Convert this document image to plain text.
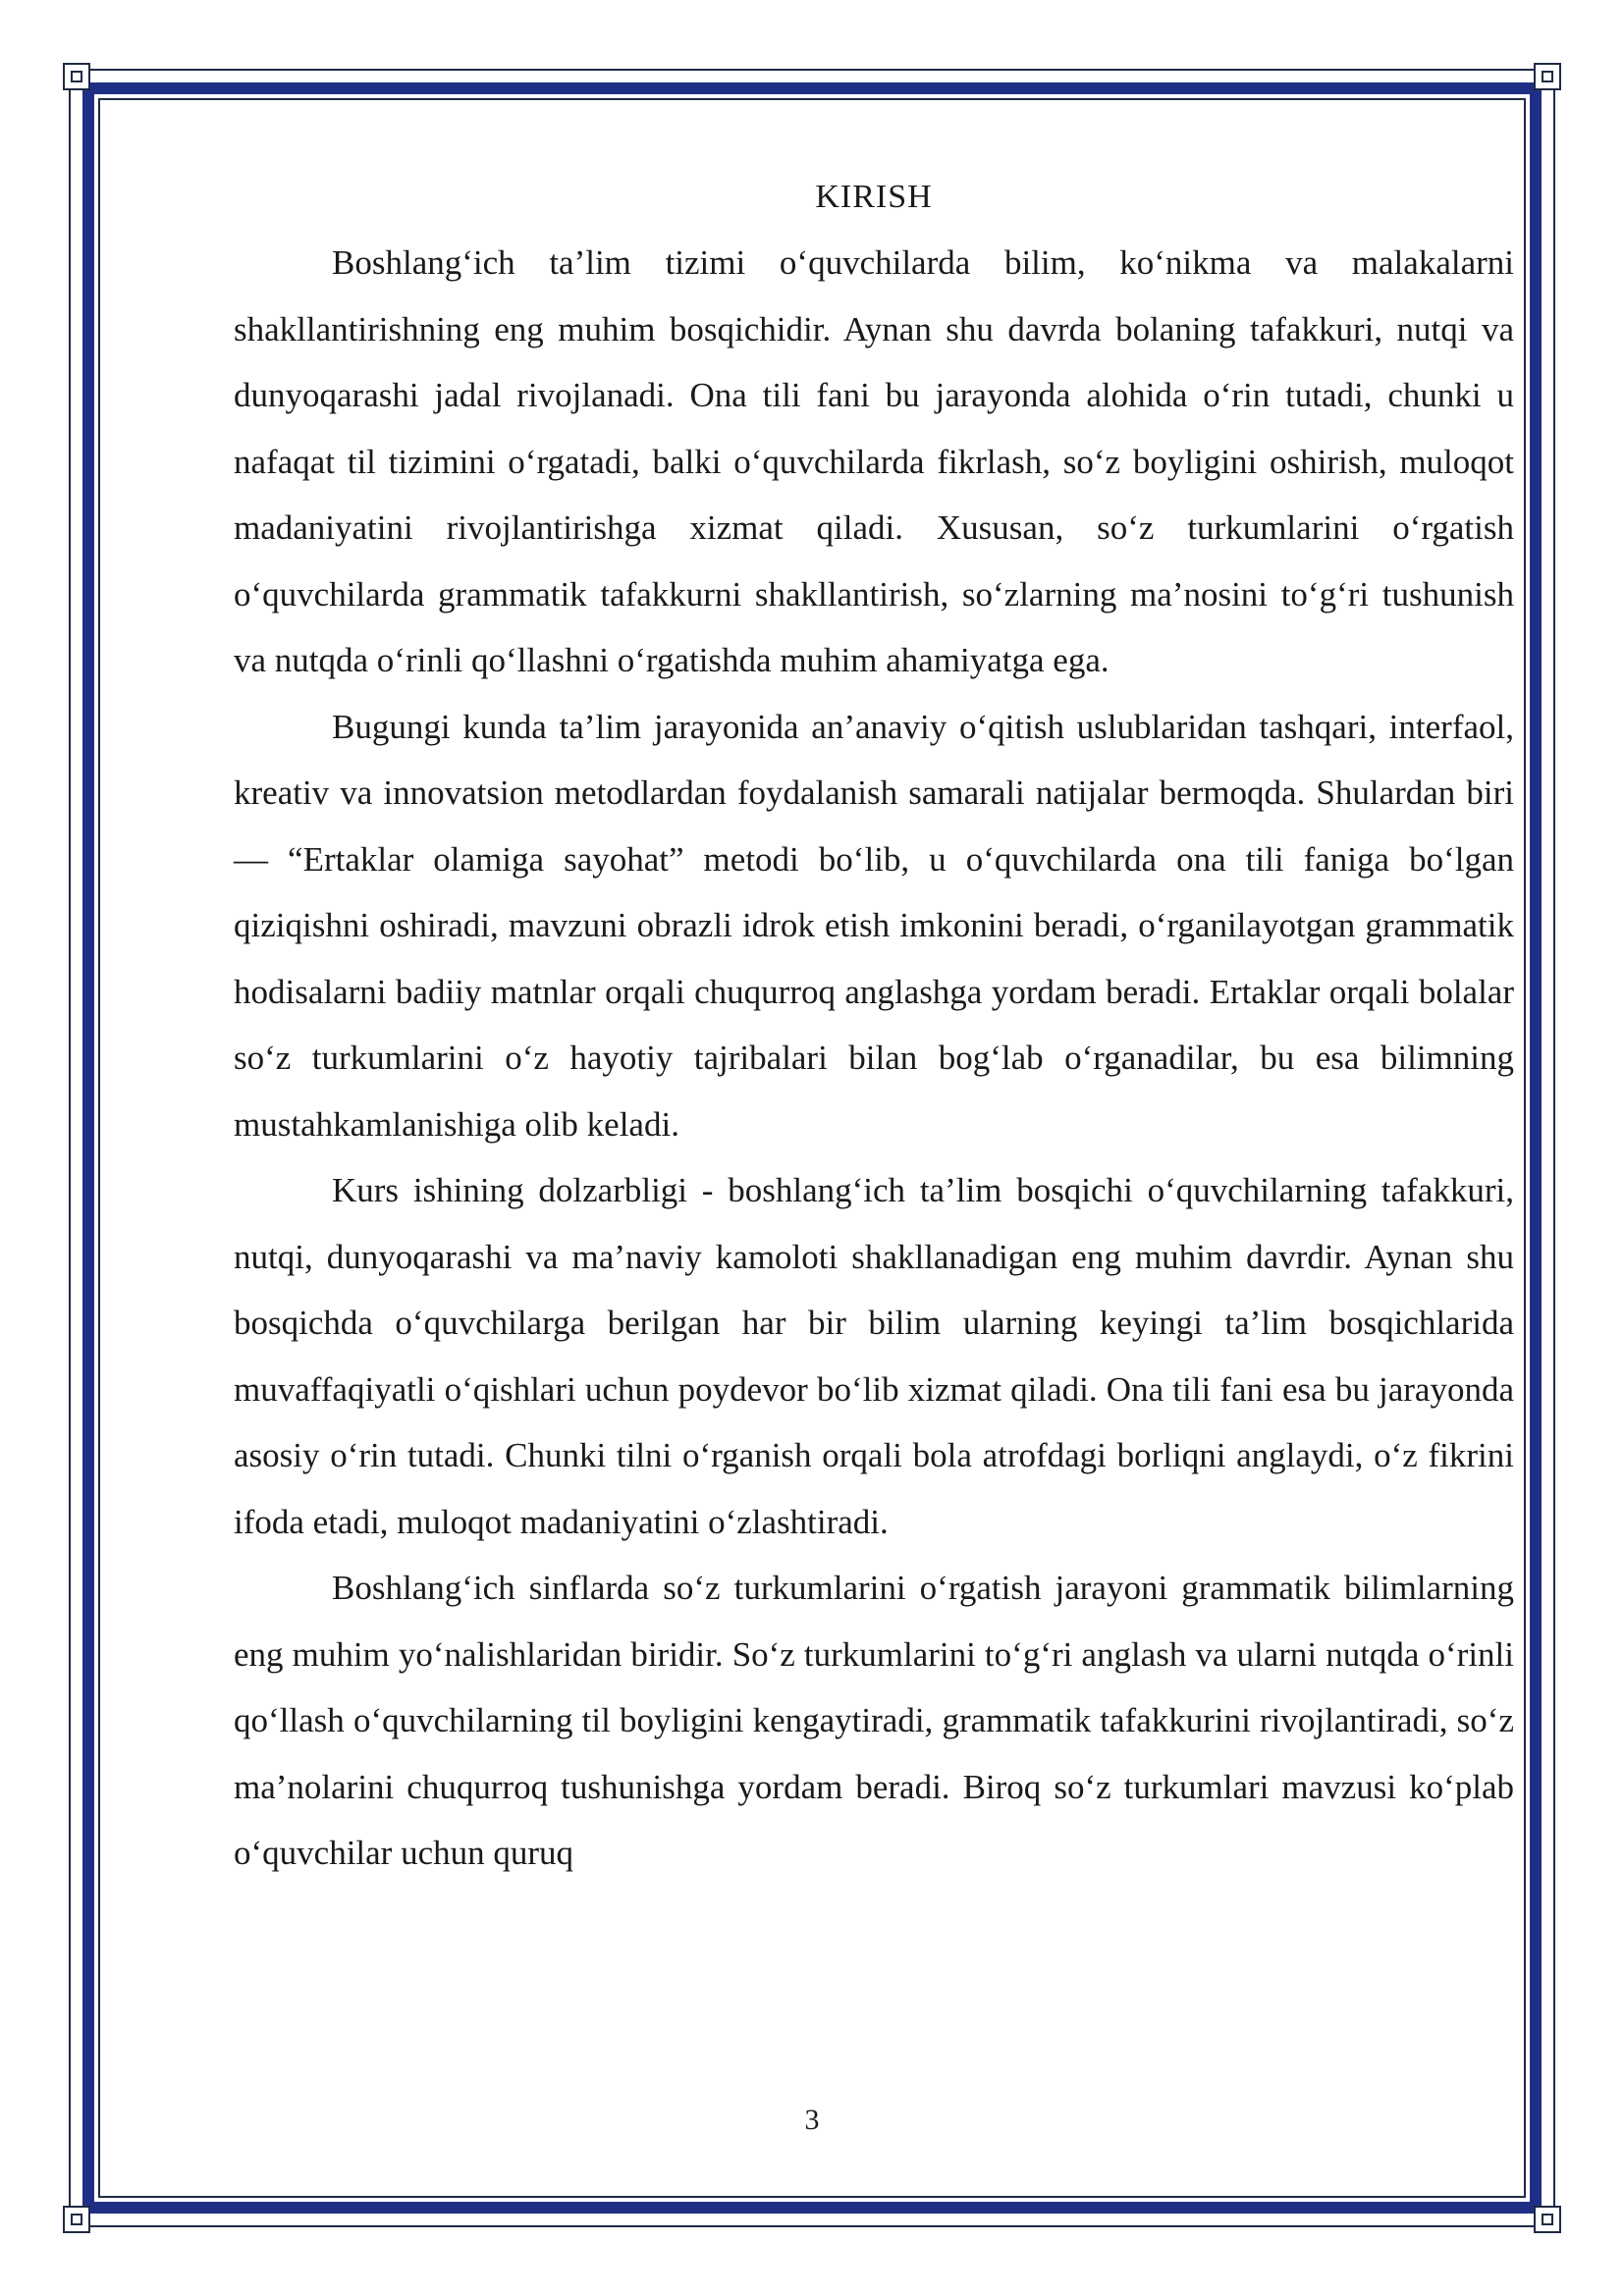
KIRISH

Boshlang‘ich ta’lim tizimi o‘quvchilarda bilim, ko‘nikma va malakalarni shakllantirishning eng muhim bosqichidir. Aynan shu davrda bolaning tafakkuri, nutqi va dunyoqarashi jadal rivojlanadi. Ona tili fani bu jarayonda alohida o‘rin tutadi, chunki u nafaqat til tizimini o‘rgatadi, balki o‘quvchilarda fikrlash, so‘z boyligini oshirish, muloqot madaniyatini rivojlantirishga xizmat qiladi. Xususan, so‘z turkumlarini o‘rgatish o‘quvchilarda grammatik tafakkurni shakllantirish, so‘zlarning ma’nosini to‘g‘ri tushunish va nutqda o‘rinli qo‘llashni o‘rgatishda muhim ahamiyatga ega.

Bugungi kunda ta’lim jarayonida an’anaviy o‘qitish uslublaridan tashqari, interfaol, kreativ va innovatsion metodlardan foydalanish samarali natijalar bermoqda. Shulardan biri — “Ertaklar olamiga sayohat” metodi bo‘lib, u o‘quvchilarda ona tili faniga bo‘lgan qiziqishni oshiradi, mavzuni obrazli idrok etish imkonini beradi, o‘rganilayotgan grammatik hodisalarni badiiy matnlar orqali chuqurroq anglashga yordam beradi. Ertaklar orqali bolalar so‘z turkumlarini o‘z hayotiy tajribalari bilan bog‘lab o‘rganadilar, bu esa bilimning mustahkamlanishiga olib keladi.

Kurs ishining dolzarbligi - boshlang‘ich ta’lim bosqichi o‘quvchilarning tafakkuri, nutqi, dunyoqarashi va ma’naviy kamoloti shakllanadigan eng muhim davrdir. Aynan shu bosqichda o‘quvchilarga berilgan har bir bilim ularning keyingi ta’lim bosqichlarida muvaffaqiyatli o‘qishlari uchun poydevor bo‘lib xizmat qiladi. Ona tili fani esa bu jarayonda asosiy o‘rin tutadi. Chunki tilni o‘rganish orqali bola atrofdagi borliqni anglaydi, o‘z fikrini ifoda etadi, muloqot madaniyatini o‘zlashtiradi.

Boshlang‘ich sinflarda so‘z turkumlarini o‘rgatish jarayoni grammatik bilimlarning eng muhim yo‘nalishlaridan biridir. So‘z turkumlarini to‘g‘ri anglash va ularni nutqda o‘rinli qo‘llash o‘quvchilarning til boyligini kengaytiradi, grammatik tafakkurini rivojlantiradi, so‘z ma’nolarini chuqurroq tushunishga yordam beradi. Biroq so‘z turkumlari mavzusi ko‘plab o‘quvchilar uchun quruq

3
